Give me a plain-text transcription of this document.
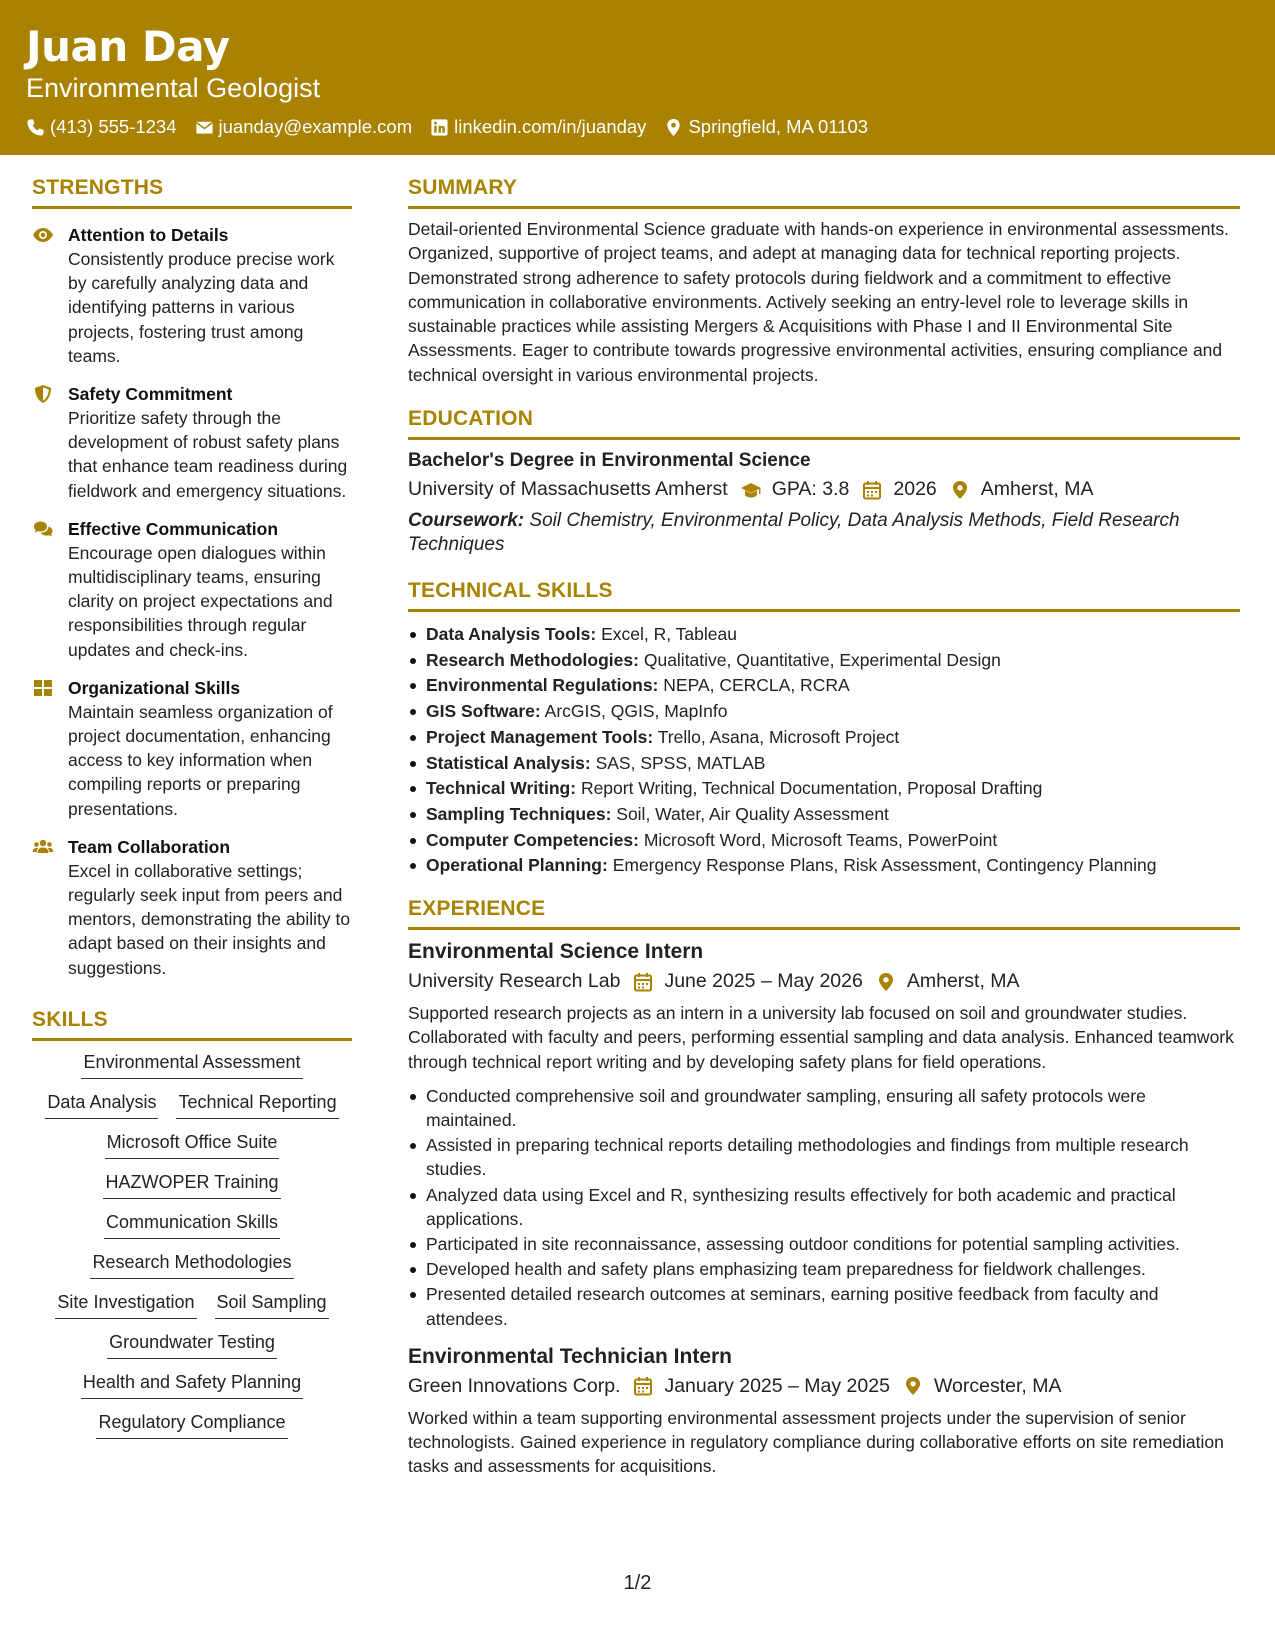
Juan Day
Environmental Geologist
(413) 555-1234 juanday@example.com linkedin.com/in/juanday Springfield, MA 01103
STRENGTHS
Attention to Details
Consistently produce precise work by carefully analyzing data and identifying patterns in various projects, fostering trust among teams.
Safety Commitment
Prioritize safety through the development of robust safety plans that enhance team readiness during fieldwork and emergency situations.
Effective Communication
Encourage open dialogues within multidisciplinary teams, ensuring clarity on project expectations and responsibilities through regular updates and check-ins.
Organizational Skills
Maintain seamless organization of project documentation, enhancing access to key information when compiling reports or preparing presentations.
Team Collaboration
Excel in collaborative settings; regularly seek input from peers and mentors, demonstrating the ability to adapt based on their insights and suggestions.
SKILLS
Environmental Assessment
Data Analysis Technical Reporting
Microsoft Office Suite
HAZWOPER Training
Communication Skills
Research Methodologies
Site Investigation Soil Sampling
Groundwater Testing
Health and Safety Planning
Regulatory Compliance
SUMMARY
Detail-oriented Environmental Science graduate with hands-on experience in environmental assessments. Organized, supportive of project teams, and adept at managing data for technical reporting projects. Demonstrated strong adherence to safety protocols during fieldwork and a commitment to effective communication in collaborative environments. Actively seeking an entry-level role to leverage skills in sustainable practices while assisting Mergers & Acquisitions with Phase I and II Environmental Site Assessments. Eager to contribute towards progressive environmental activities, ensuring compliance and technical oversight in various environmental projects.
EDUCATION
Bachelor's Degree in Environmental Science
University of Massachusetts Amherst GPA: 3.8 2026 Amherst, MA
Coursework: Soil Chemistry, Environmental Policy, Data Analysis Methods, Field Research Techniques
TECHNICAL SKILLS
Data Analysis Tools: Excel, R, Tableau
Research Methodologies: Qualitative, Quantitative, Experimental Design
Environmental Regulations: NEPA, CERCLA, RCRA
GIS Software: ArcGIS, QGIS, MapInfo
Project Management Tools: Trello, Asana, Microsoft Project
Statistical Analysis: SAS, SPSS, MATLAB
Technical Writing: Report Writing, Technical Documentation, Proposal Drafting
Sampling Techniques: Soil, Water, Air Quality Assessment
Computer Competencies: Microsoft Word, Microsoft Teams, PowerPoint
Operational Planning: Emergency Response Plans, Risk Assessment, Contingency Planning
EXPERIENCE
Environmental Science Intern
University Research Lab June 2025 – May 2026 Amherst, MA
Supported research projects as an intern in a university lab focused on soil and groundwater studies. Collaborated with faculty and peers, performing essential sampling and data analysis. Enhanced teamwork through technical report writing and by developing safety plans for field operations.
Conducted comprehensive soil and groundwater sampling, ensuring all safety protocols were maintained.
Assisted in preparing technical reports detailing methodologies and findings from multiple research studies.
Analyzed data using Excel and R, synthesizing results effectively for both academic and practical applications.
Participated in site reconnaissance, assessing outdoor conditions for potential sampling activities.
Developed health and safety plans emphasizing team preparedness for fieldwork challenges.
Presented detailed research outcomes at seminars, earning positive feedback from faculty and attendees.
Environmental Technician Intern
Green Innovations Corp. January 2025 – May 2025 Worcester, MA
Worked within a team supporting environmental assessment projects under the supervision of senior technologists. Gained experience in regulatory compliance during collaborative efforts on site remediation tasks and assessments for acquisitions.
1/2
